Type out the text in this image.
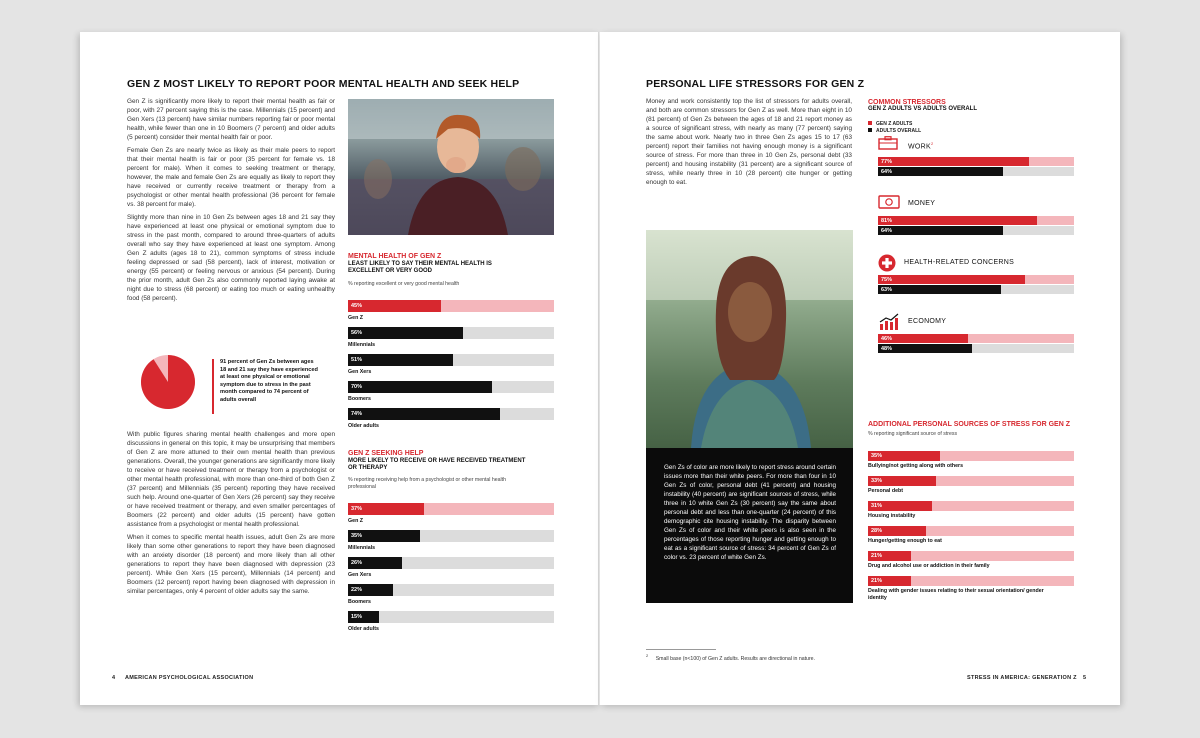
GEN Z MOST LIKELY TO REPORT POOR MENTAL HEALTH AND SEEK HELP

Gen Z is significantly more likely to report their mental health as fair or poor, with 27 percent saying this is the case. Millennials (15 percent) and Gen Xers (13 percent) have similar numbers reporting fair or poor mental health, while fewer than one in 10 Boomers (7 percent) and older adults (5 percent) consider their mental health fair or poor.

Female Gen Zs are nearly twice as likely as their male peers to report that their mental health is fair or poor (35 percent for female vs. 18 percent for male). When it comes to seeking treatment or therapy, however, the male and female Gen Zs are equally as likely to report they have received or currently receive treatment or therapy from a psychologist or other mental health professional (36 percent for female vs. 38 percent for male).

Slightly more than nine in 10 Gen Zs between ages 18 and 21 say they have experienced at least one physical or emotional symptom due to stress in the past month, compared to around three-quarters of adults overall who say they have experienced at least one symptom. Among Gen Z adults (ages 18 to 21), common symptoms of stress include feeling depressed or sad (58 percent), lack of interest, motivation or energy (55 percent) or feeling nervous or anxious (54 percent). During the prior month, adult Gen Zs also commonly reported laying awake at night due to stress (68 percent) or eating too much or eating unhealthy food (58 percent).

91 percent of Gen Zs between ages 18 and 21 say they have experienced at least one physical or emotional symptom due to stress in the past month compared to 74 percent of adults overall

With public figures sharing mental health challenges and more open discussions in general on this topic, it may be unsurprising that members of Gen Z are more attuned to their own mental health than previous generations. Overall, the younger generations are significantly more likely to receive or have received treatment or therapy from a psychologist or other mental health professional, with more than one-third of both Gen Z (37 percent) and Millennials (35 percent) reporting they have received such help. Around one-quarter of Gen Xers (26 percent) say they receive or have received treatment or therapy, and even smaller percentages of Boomers (22 percent) and older adults (15 percent) have gotten assistance from a psychologist or mental health professional.

When it comes to specific mental health issues, adult Gen Zs are more likely than some other generations to report they have been diagnosed with an anxiety disorder (18 percent) and more likely than all other generations to report they have been diagnosed with depression (23 percent). While Gen Xers (15 percent), Millennials (14 percent) and Boomers (12 percent) report having been diagnosed with depression in similar percentages, only 4 percent of older adults say the same.

MENTAL HEALTH OF GEN Z
LEAST LIKELY TO SAY THEIR MENTAL HEALTH IS EXCELLENT OR VERY GOOD
% reporting excellent or very good mental health
45%
Gen Z
56%
Millennials
51%
Gen Xers
70%
Boomers
74%
Older adults
GEN Z SEEKING HELP
MORE LIKELY TO RECEIVE OR HAVE RECEIVED TREATMENT OR THERAPY
% reporting receiving help from a psychologist or other mental health professional
37%
Gen Z
35%
Millennials
26%
Gen Xers
22%
Boomers
15%
Older adults
4 AMERICAN PSYCHOLOGICAL ASSOCIATION
PERSONAL LIFE STRESSORS FOR GEN Z
Money and work consistently top the list of stressors for adults overall, and both are common stressors for Gen Z as well. More than eight in 10 (81 percent) of Gen Zs between the ages of 18 and 21 report money as a source of significant stress, with nearly as many (77 percent) saying the same about work. Nearly two in three Gen Zs ages 15 to 17 (63 percent) report their families not having enough money is a significant source of stress. For more than three in 10 Gen Zs, personal debt (33 percent) and housing instability (31 percent) are a significant source of stress, while nearly three in 10 (28 percent) cite hunger or getting enough to eat.
Gen Zs of color are more likely to report stress around certain issues more than their white peers. For more than four in 10 Gen Zs of color, personal debt (41 percent) and housing instability (40 percent) are significant sources of stress, while three in 10 white Gen Zs (30 percent) say the same about personal debt and less than one-quarter (24 percent) of this demographic cite housing instability. The disparity between Gen Zs of color and their white peers is also seen in the percentages of those reporting hunger and getting enough to eat as a significant source of stress: 34 percent of Gen Zs of color vs. 23 percent of white Gen Zs.
COMMON STRESSORS
GEN Z ADULTS VS ADULTS OVERALL
GEN Z ADULTS
ADULTS OVERALL
WORK$^2$
77%
64%
MONEY
81%
64%
HEALTH-RELATED CONCERNS
75%
63%
ECONOMY
46%
48%
ADDITIONAL PERSONAL SOURCES OF STRESS FOR GEN Z
% reporting significant source of stress
35%
Bullying/not getting along with others
33%
Personal debt
31%
Housing instability
28%
Hunger/getting enough to eat
21%
Drug and alcohol use or addiction in their family
21%
Dealing with gender issues relating to their sexual orientation/ gender identity
$^2$ Small base (n<100) of Gen Z adults. Results are directional in nature.
STRESS IN AMERICA: GENERATION Z 5
